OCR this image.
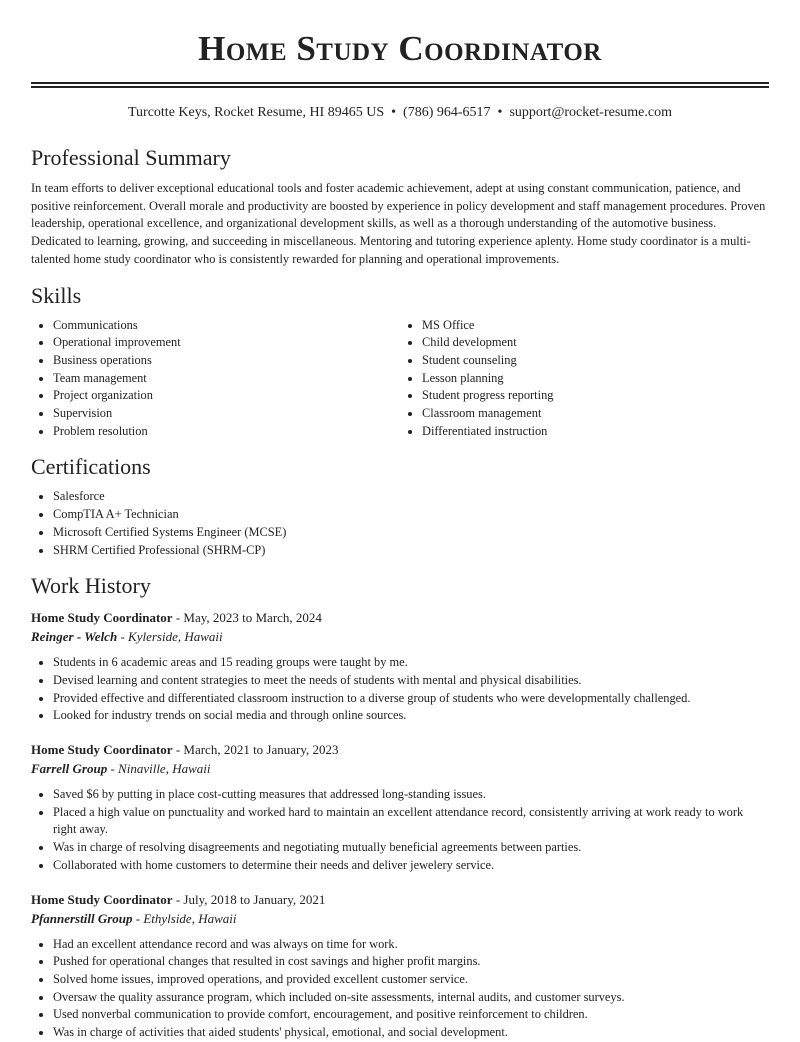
Home Study Coordinator
Turcotte Keys, Rocket Resume, HI 89465 US • (786) 964-6517 • support@rocket-resume.com
Professional Summary

In team efforts to deliver exceptional educational tools and foster academic achievement, adept at using constant communication, patience, and positive reinforcement. Overall morale and productivity are boosted by experience in policy development and staff management procedures. Proven leadership, operational excellence, and organizational development skills, as well as a thorough understanding of the automotive business. Dedicated to learning, growing, and succeeding in miscellaneous. Mentoring and tutoring experience aplenty. Home study coordinator is a multi-talented home study coordinator who is consistently rewarded for planning and operational improvements.

Skills
• Communications
• Operational improvement
• Business operations
• Team management
• Project organization
• Supervision
• Problem resolution
• MS Office
• Child development
• Student counseling
• Lesson planning
• Student progress reporting
• Classroom management
• Differentiated instruction
Certifications
• Salesforce
• CompTIA A+ Technician
• Microsoft Certified Systems Engineer (MCSE)
• SHRM Certified Professional (SHRM-CP)
Work History
Home Study Coordinator - May, 2023 to March, 2024
Reinger - Welch - Kylerside, Hawaii
• Students in 6 academic areas and 15 reading groups were taught by me.
• Devised learning and content strategies to meet the needs of students with mental and physical disabilities.
• Provided effective and differentiated classroom instruction to a diverse group of students who were developmentally challenged.
• Looked for industry trends on social media and through online sources.
Home Study Coordinator - March, 2021 to January, 2023
Farrell Group - Ninaville, Hawaii
• Saved $6 by putting in place cost-cutting measures that addressed long-standing issues.
• Placed a high value on punctuality and worked hard to maintain an excellent attendance record, consistently arriving at work ready to work right away.
• Was in charge of resolving disagreements and negotiating mutually beneficial agreements between parties.
• Collaborated with home customers to determine their needs and deliver jewelery service.
Home Study Coordinator - July, 2018 to January, 2021
Pfannerstill Group - Ethylside, Hawaii
• Had an excellent attendance record and was always on time for work.
• Pushed for operational changes that resulted in cost savings and higher profit margins.
• Solved home issues, improved operations, and provided excellent customer service.
• Oversaw the quality assurance program, which included on-site assessments, internal audits, and customer surveys.
• Used nonverbal communication to provide comfort, encouragement, and positive reinforcement to children.
• Was in charge of activities that aided students' physical, emotional, and social development.
